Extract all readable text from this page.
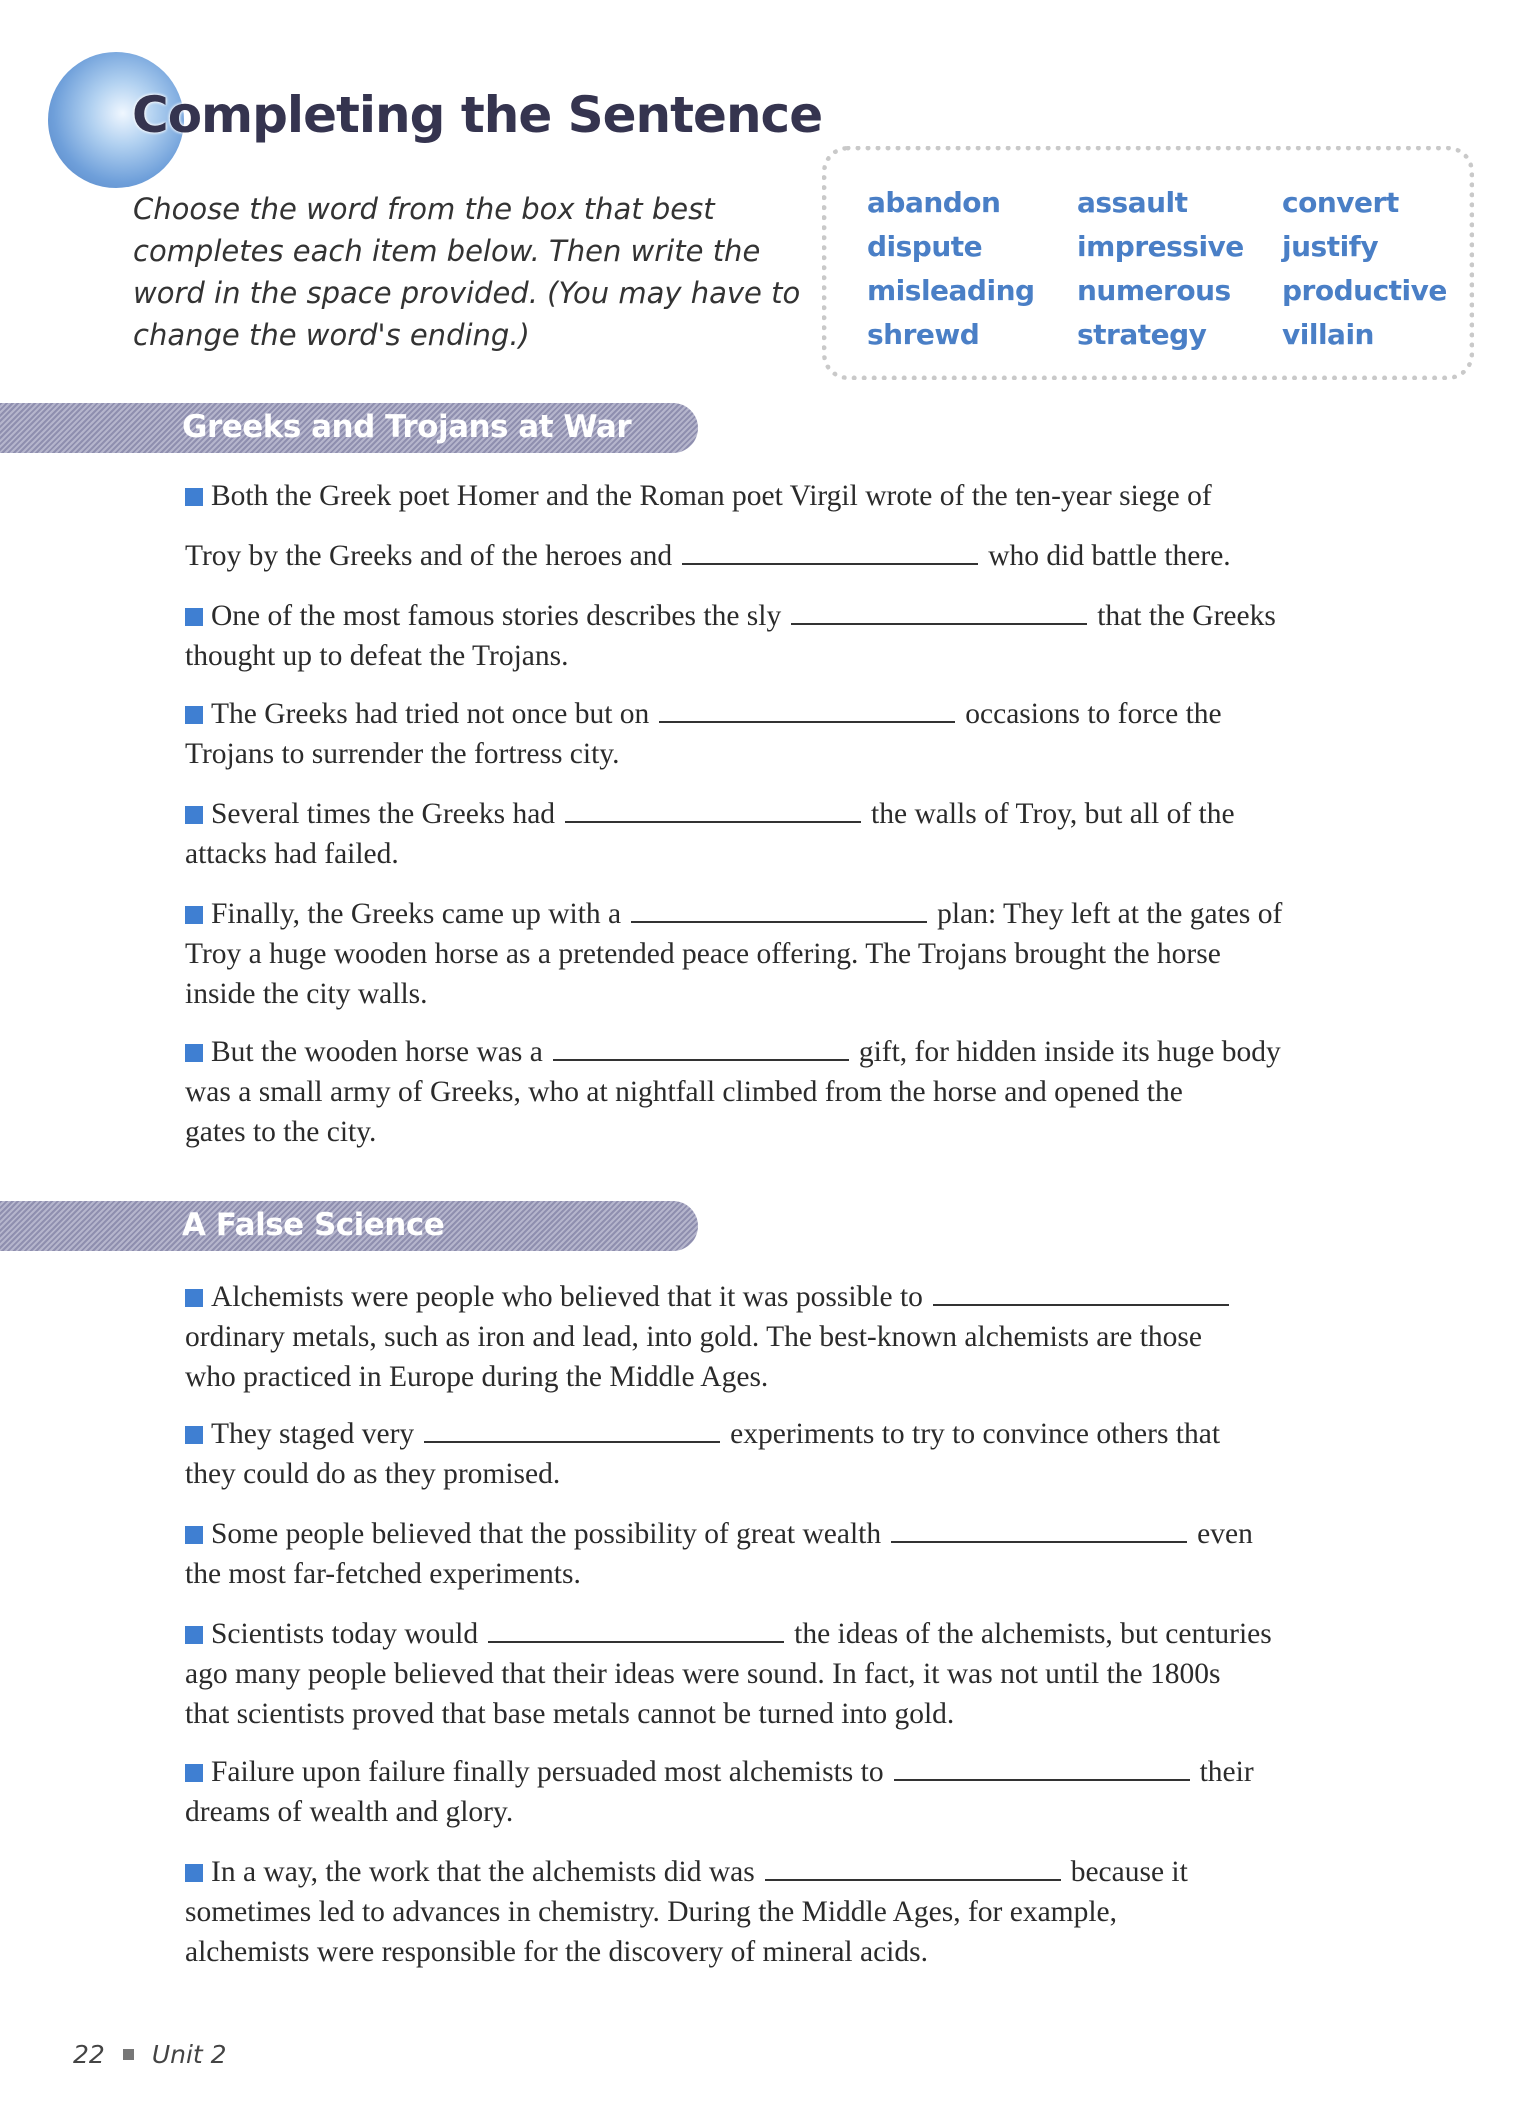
Completing the Sentence
Choose the word from the box that best completes each item below. Then write the word in the space provided. (You may have to change the word's ending.)
abandon	assault	convert
dispute	impressive	justify
misleading	numerous	productive
shrewd	strategy	villain
Greeks and Trojans at War
A False Science
Both the Greek poet Homer and the Roman poet Virgil wrote of the ten-year siege of
Troy by the Greeks and of the heroes and	who did battle there.
One of the most famous stories describes the sly	that the Greeks
thought up to defeat the Trojans.
The Greeks had tried not once but on	occasions to force the
Trojans to surrender the fortress city.
Several times the Greeks had	the walls of Troy, but all of the
attacks had failed.
Finally, the Greeks came up with a	plan: They left at the gates of
Troy a huge wooden horse as a pretended peace offering. The Trojans brought the horse
inside the city walls.
But the wooden horse was a	gift, for hidden inside its huge body
was a small army of Greeks, who at nightfall climbed from the horse and opened the
gates to the city.
Alchemists were people who believed that it was possible to
ordinary metals, such as iron and lead, into gold. The best-known alchemists are those
who practiced in Europe during the Middle Ages.
They staged very	experiments to try to convince others that
they could do as they promised.
Some people believed that the possibility of great wealth	even
the most far-fetched experiments.
Scientists today would	the ideas of the alchemists, but centuries
ago many people believed that their ideas were sound. In fact, it was not until the 1800s
that scientists proved that base metals cannot be turned into gold.
Failure upon failure finally persuaded most alchemists to	their
dreams of wealth and glory.
In a way, the work that the alchemists did was	because it
sometimes led to advances in chemistry. During the Middle Ages, for example,
alchemists were responsible for the discovery of mineral acids.
22 Unit 2
